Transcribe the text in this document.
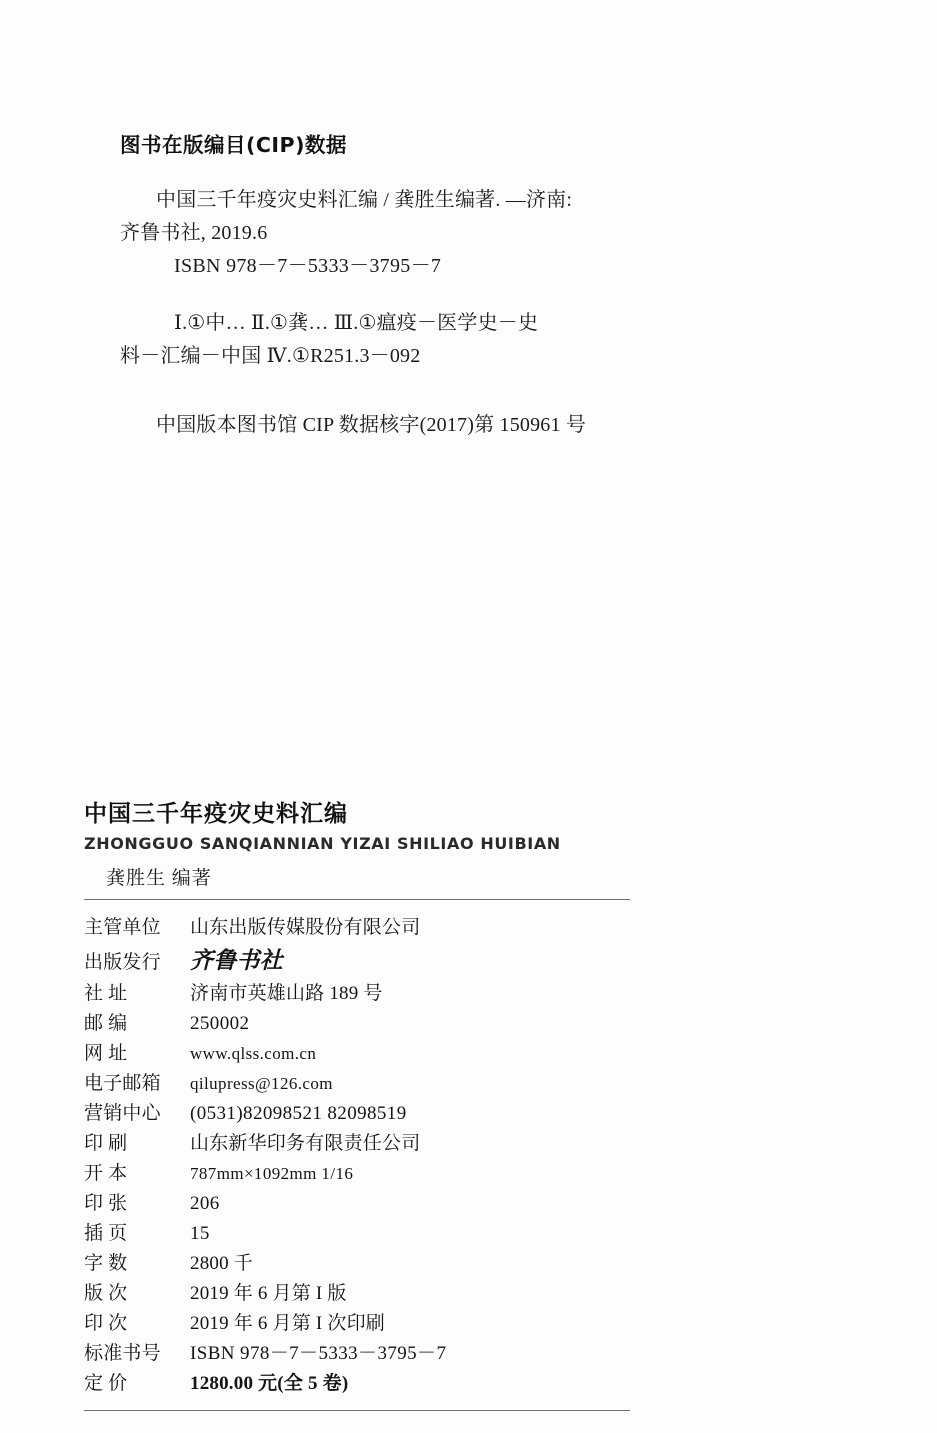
图书在版编目(CIP)数据
中国三千年疫灾史料汇编 / 龚胜生编著. —济南:
齐鲁书社, 2019.6
ISBN 978－7－5333－3795－7
Ⅰ.①中… Ⅱ.①龚… Ⅲ.①瘟疫－医学史－史
料－汇编－中国 Ⅳ.①R251.3－092
中国版本图书馆 CIP 数据核字(2017)第 150961 号
中国三千年疫灾史料汇编
ZHONGGUO SANQIANNIAN YIZAI SHILIAO HUIBIAN
龚胜生 编著
主管单位	山东出版传媒股份有限公司
出版发行	齐鲁书社
社 址	济南市英雄山路 189 号
邮 编	250002
网 址	www.qlss.com.cn
电子邮箱	qilupress@126.com
营销中心	(0531)82098521 82098519
印 刷	山东新华印务有限责任公司
开 本	787mm×1092mm 1/16
印 张	206
插 页	15
字 数	2800 千
版 次	2019 年 6 月第 I 版
印 次	2019 年 6 月第 I 次印刷
标准书号	ISBN 978－7－5333－3795－7
定 价	1280.00 元(全 5 卷)
